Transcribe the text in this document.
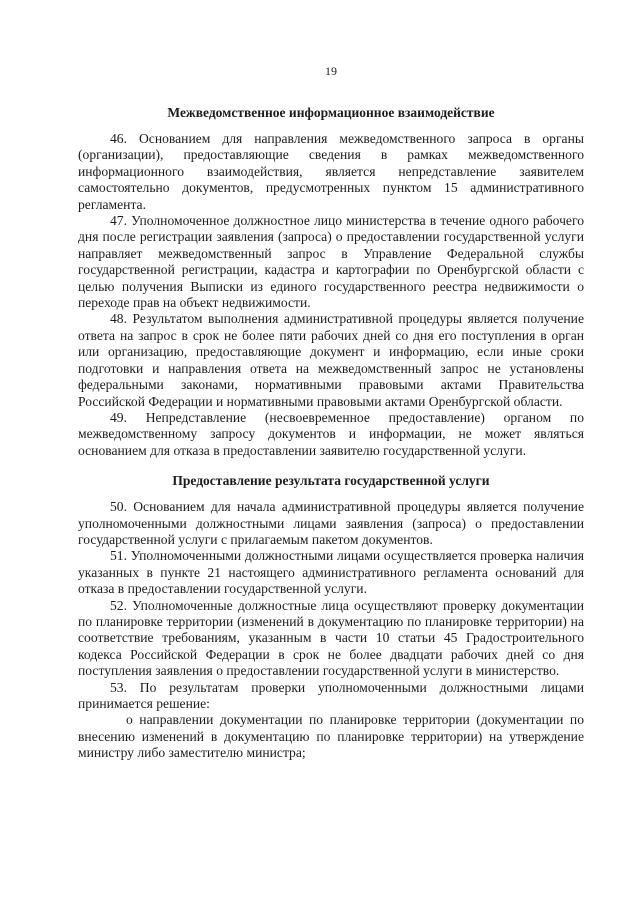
19
Межведомственное информационное взаимодействие

46. Основанием для направления межведомственного запроса в органы (организации), предоставляющие сведения в рамках межведомственного информационного взаимодействия, является непредставление заявителем самостоятельно документов, предусмотренных пунктом 15 административного регламента.

47. Уполномоченное должностное лицо министерства в течение одного рабочего дня после регистрации заявления (запроса) о предоставлении государственной услуги направляет межведомственный запрос в Управление Федеральной службы государственной регистрации, кадастра и картографии по Оренбургской области с целью получения Выписки из единого государственного реестра недвижимости о переходе прав на объект недвижимости.

48. Результатом выполнения административной процедуры является получение ответа на запрос в срок не более пяти рабочих дней со дня его поступления в орган или организацию, предоставляющие документ и информацию, если иные сроки подготовки и направления ответа на межведомственный запрос не установлены федеральными законами, нормативными правовыми актами Правительства Российской Федерации и нормативными правовыми актами Оренбургской области.

49. Непредставление (несвоевременное предоставление) органом по межведомственному запросу документов и информации, не может являться основанием для отказа в предоставлении заявителю государственной услуги.

Предоставление результата государственной услуги

50. Основанием для начала административной процедуры является получение уполномоченными должностными лицами заявления (запроса) о предоставлении государственной услуги с прилагаемым пакетом документов.

51. Уполномоченными должностными лицами осуществляется проверка наличия указанных в пункте 21 настоящего административного регламента оснований для отказа в предоставлении государственной услуги.

52. Уполномоченные должностные лица осуществляют проверку документации по планировке территории (изменений в документацию по планировке территории) на соответствие требованиям, указанным в части 10 статьи 45 Градостроительного кодекса Российской Федерации в срок не более двадцати рабочих дней со дня поступления заявления о предоставлении государственной услуги в министерство.

53. По результатам проверки уполномоченными должностными лицами принимается решение:

о направлении документации по планировке территории (документации по внесению изменений в документацию по планировке территории) на утверждение министру либо заместителю министра;
